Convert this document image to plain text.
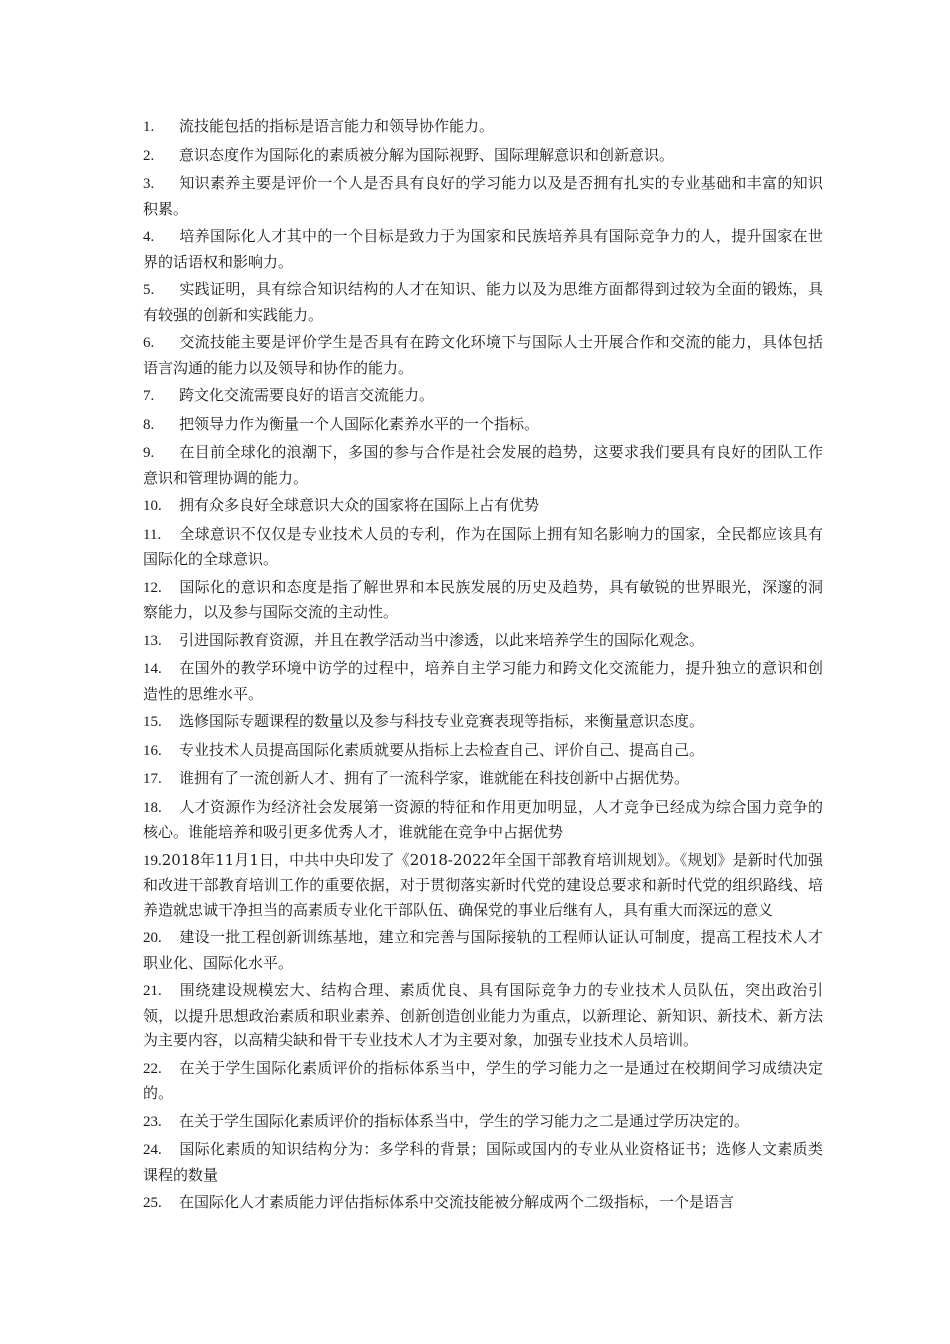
1. 流技能包括的指标是语言能力和领导协作能力。

2. 意识态度作为国际化的素质被分解为国际视野、国际理解意识和创新意识。

3. 知识素养主要是评价一个人是否具有良好的学习能力以及是否拥有扎实的专业基础和丰富的知识积累。

4. 培养国际化人才其中的一个目标是致力于为国家和民族培养具有国际竞争力的人，提升国家在世界的话语权和影响力。

5. 实践证明，具有综合知识结构的人才在知识、能力以及为思维方面都得到过较为全面的锻炼，具有较强的创新和实践能力。

6. 交流技能主要是评价学生是否具有在跨文化环境下与国际人士开展合作和交流的能力，具体包括语言沟通的能力以及领导和协作的能力。

7. 跨文化交流需要良好的语言交流能力。

8. 把领导力作为衡量一个人国际化素养水平的一个指标。

9. 在目前全球化的浪潮下，多国的参与合作是社会发展的趋势，这要求我们要具有良好的团队工作意识和管理协调的能力。

10. 拥有众多良好全球意识大众的国家将在国际上占有优势

11. 全球意识不仅仅是专业技术人员的专利，作为在国际上拥有知名影响力的国家，全民都应该具有国际化的全球意识。

12. 国际化的意识和态度是指了解世界和本民族发展的历史及趋势，具有敏锐的世界眼光，深邃的洞察能力，以及参与国际交流的主动性。

13. 引进国际教育资源，并且在教学活动当中渗透，以此来培养学生的国际化观念。

14. 在国外的教学环境中访学的过程中，培养自主学习能力和跨文化交流能力，提升独立的意识和创造性的思维水平。

15. 选修国际专题课程的数量以及参与科技专业竞赛表现等指标，来衡量意识态度。

16. 专业技术人员提高国际化素质就要从指标上去检查自己、评价自己、提高自己。

17. 谁拥有了一流创新人才、拥有了一流科学家，谁就能在科技创新中占据优势。

18. 人才资源作为经济社会发展第一资源的特征和作用更加明显，人才竞争已经成为综合国力竞争的核心。谁能培养和吸引更多优秀人才，谁就能在竞争中占据优势

19.2018年11月1日，中共中央印发了《2018-2022年全国干部教育培训规划》。《规划》是新时代加强和改进干部教育培训工作的重要依据，对于贯彻落实新时代党的建设总要求和新时代党的组织路线、培养造就忠诚干净担当的高素质专业化干部队伍、确保党的事业后继有人，具有重大而深远的意义

20. 建设一批工程创新训练基地，建立和完善与国际接轨的工程师认证认可制度，提高工程技术人才职业化、国际化水平。

21. 围绕建设规模宏大、结构合理、素质优良、具有国际竞争力的专业技术人员队伍，突出政治引领，以提升思想政治素质和职业素养、创新创造创业能力为重点，以新理论、新知识、新技术、新方法为主要内容，以高精尖缺和骨干专业技术人才为主要对象，加强专业技术人员培训。

22. 在关于学生国际化素质评价的指标体系当中，学生的学习能力之一是通过在校期间学习成绩决定的。

23. 在关于学生国际化素质评价的指标体系当中，学生的学习能力之二是通过学历决定的。

24. 国际化素质的知识结构分为：多学科的背景；国际或国内的专业从业资格证书；选修人文素质类课程的数量

25. 在国际化人才素质能力评估指标体系中交流技能被分解成两个二级指标，一个是语言
